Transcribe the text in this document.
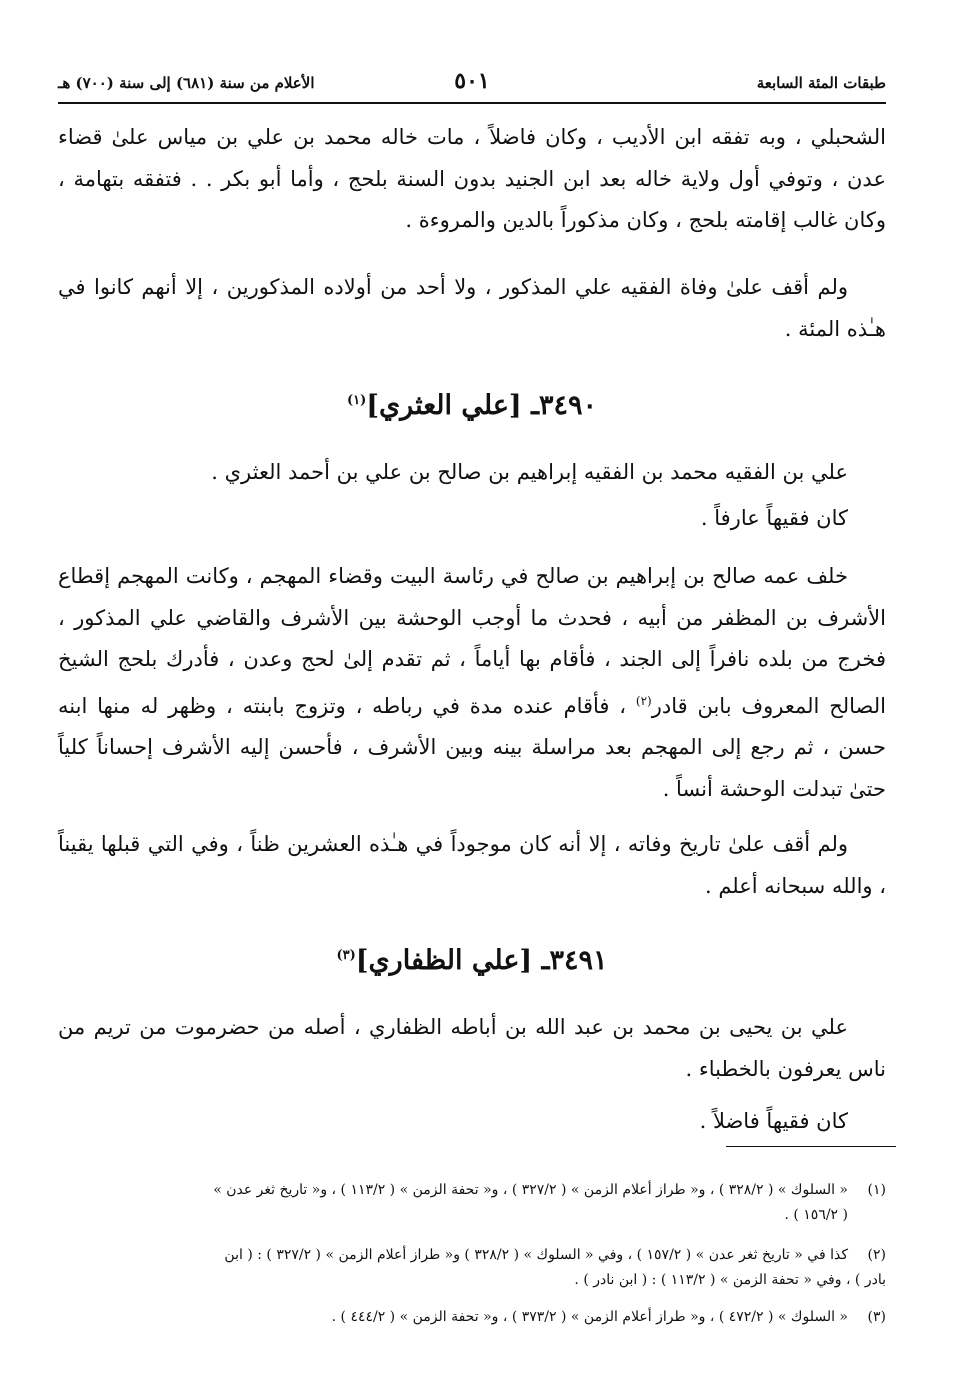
طبقات المئة السابعة
٥٠١
الأعلام من سنة (٦٨١) إلى سنة (٧٠٠) هـ

الشحبلي ، وبه تفقه ابن الأديب ، وكان فاضلاً ، مات خاله محمد بن علي بن مياس علىٰ قضاء عدن ، وتوفي أول ولاية خاله بعد ابن الجنيد بدون السنة بلحج ، وأما أبو بكر . . فتفقه بتهامة ، وكان غالب إقامته بلحج ، وكان مذكوراً بالدين والمروءة .

ولم أقف علىٰ وفاة الفقيه علي المذكور ، ولا أحد من أولاده المذكورين ، إلا أنهم كانوا في هـٰذه المئة .

٣٤٩٠ـ [علي العثري]$^{(١)}$

علي بن الفقيه محمد بن الفقيه إبراهيم بن صالح بن علي بن أحمد العثري .

كان فقيهاً عارفاً .

خلف عمه صالح بن إبراهيم بن صالح في رئاسة البيت وقضاء المهجم ، وكانت المهجم إقطاع الأشرف بن المظفر من أبيه ، فحدث ما أوجب الوحشة بين الأشرف والقاضي علي المذكور ، فخرج من بلده نافراً إلى الجند ، فأقام بها أياماً ، ثم تقدم إلىٰ لحج وعدن ، فأدرك بلحج الشيخ الصالح المعروف بابن قادر$^{(٢)}$ ، فأقام عنده مدة في رباطه ، وتزوج بابنته ، وظهر له منها ابنه حسن ، ثم رجع إلى المهجم بعد مراسلة بينه وبين الأشرف ، فأحسن إليه الأشرف إحساناً كلياً حتىٰ تبدلت الوحشة أنساً .

ولم أقف علىٰ تاريخ وفاته ، إلا أنه كان موجوداً في هـٰذه العشرين ظناً ، وفي التي قبلها يقيناً ، والله سبحانه أعلم .

٣٤٩١ـ [علي الظفاري]$^{(٣)}$

علي بن يحيى بن محمد بن عبد الله بن أباطه الظفاري ، أصله من حضرموت من تريم من ناس يعرفون بالخطباء .

كان فقيهاً فاضلاً .

(١)« السلوك » ( ٣٢٨/٢ ) ، و« طراز أعلام الزمن » ( ٣٢٧/٢ ) ، و« تحفة الزمن » ( ١١٣/٢ ) ، و« تاريخ ثغر عدن »
( ١٥٦/٢ ) .
(٢)كذا في « تاريخ ثغر عدن » ( ١٥٧/٢ ) ، وفي « السلوك » ( ٣٢٨/٢ ) و« طراز أعلام الزمن » ( ٣٢٧/٢ ) : ( ابن
بادر ) ، وفي « تحفة الزمن » ( ١١٣/٢ ) : ( ابن نادر ) .
(٣)« السلوك » ( ٤٧٢/٢ ) ، و« طراز أعلام الزمن » ( ٣٧٣/٢ ) ، و« تحفة الزمن » ( ٤٤٤/٢ ) .
